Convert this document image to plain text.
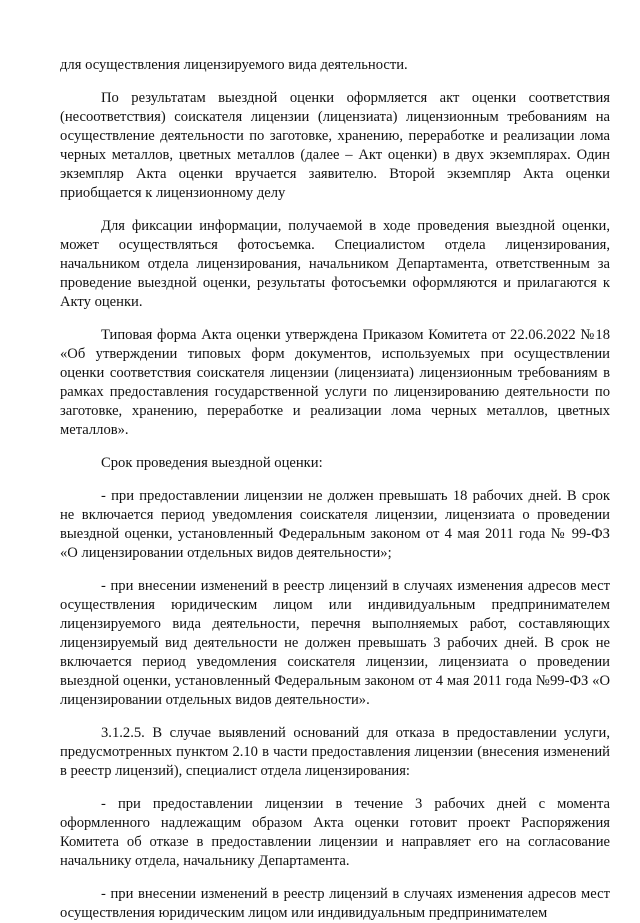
для осуществления лицензируемого вида деятельности.

По результатам выездной оценки оформляется акт оценки соответствия (несоответствия) соискателя лицензии (лицензиата) лицензионным требованиям на осуществление деятельности по заготовке, хранению, переработке и реализации лома черных металлов, цветных металлов (далее – Акт оценки) в двух экземплярах. Один экземпляр Акта оценки вручается заявителю. Второй экземпляр Акта оценки приобщается к лицензионному делу

Для фиксации информации, получаемой в ходе проведения выездной оценки, может осуществляться фотосъемка. Специалистом отдела лицензирования, начальником отдела лицензирования, начальником Департамента, ответственным за проведение выездной оценки, результаты фотосъемки оформляются и прилагаются к Акту оценки.

Типовая форма Акта оценки утверждена Приказом Комитета от 22.06.2022 №18 «Об утверждении типовых форм документов, используемых при осуществлении оценки соответствия соискателя лицензии (лицензиата) лицензионным требованиям в рамках предоставления государственной услуги по лицензированию деятельности по заготовке, хранению, переработке и реализации лома черных металлов, цветных металлов».

Срок проведения выездной оценки:

- при предоставлении лицензии не должен превышать 18 рабочих дней. В срок не включается период уведомления соискателя лицензии, лицензиата о проведении выездной оценки, установленный Федеральным законом от 4 мая 2011 года № 99-ФЗ «О лицензировании отдельных видов деятельности»;

- при внесении изменений в реестр лицензий в случаях изменения адресов мест осуществления юридическим лицом или индивидуальным предпринимателем лицензируемого вида деятельности, перечня выполняемых работ, составляющих лицензируемый вид деятельности не должен превышать 3 рабочих дней. В срок не включается период уведомления соискателя лицензии, лицензиата о проведении выездной оценки, установленный Федеральным законом от 4 мая 2011 года №99-ФЗ «О лицензировании отдельных видов деятельности».

3.1.2.5. В случае выявлений оснований для отказа в предоставлении услуги, предусмотренных пунктом 2.10 в части предоставления лицензии (внесения изменений в реестр лицензий), специалист отдела лицензирования:

- при предоставлении лицензии в течение 3 рабочих дней с момента оформленного надлежащим образом Акта оценки готовит проект Распоряжения Комитета об отказе в предоставлении лицензии и направляет его на согласование начальнику отдела, начальнику Департамента.

- при внесении изменений в реестр лицензий в случаях изменения адресов мест осуществления юридическим лицом или индивидуальным предпринимателем
